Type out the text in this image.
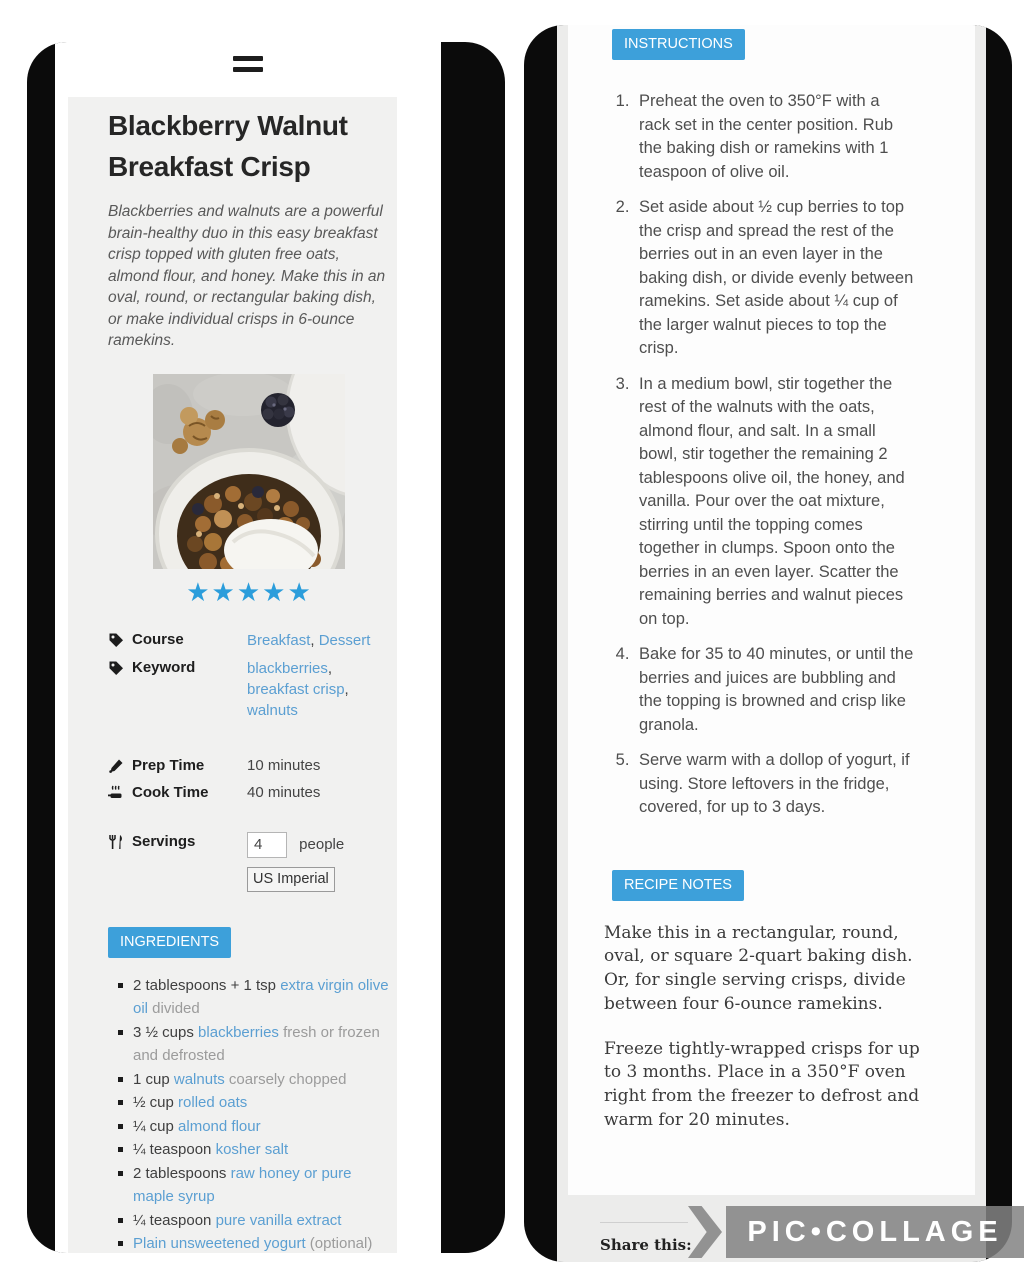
Blackberry Walnut Breakfast Crisp

Blackberries and walnuts are a powerful brain-healthy duo in this easy breakfast crisp topped with gluten free oats, almond flour, and honey. Make this in an oval, round, or rectangular baking dish, or make individual crisps in 6-ounce ramekins.

★★★★★
Course	Breakfast, Dessert
Keyword	blackberries, breakfast crisp, walnuts
Prep Time	10 minutes
Cook Time	40 minutes
Servings
4	people
US Imperial
INGREDIENTS
2 tablespoons + 1 tsp extra virgin olive oil divided
3 ½ cups blackberries fresh or frozen and defrosted
1 cup walnuts coarsely chopped
½ cup rolled oats
¼ cup almond flour
¼ teaspoon kosher salt
2 tablespoons raw honey or pure maple syrup
¼ teaspoon pure vanilla extract
Plain unsweetened yogurt (optional)
INSTRUCTIONS
1. Preheat the oven to 350°F with a rack set in the center position. Rub the baking dish or ramekins with 1 teaspoon of olive oil.
2. Set aside about ½ cup berries to top the crisp and spread the rest of the berries out in an even layer in the baking dish, or divide evenly between ramekins. Set aside about ¼ cup of the larger walnut pieces to top the crisp.
3. In a medium bowl, stir together the rest of the walnuts with the oats, almond flour, and salt. In a small bowl, stir together the remaining 2 tablespoons olive oil, the honey, and vanilla. Pour over the oat mixture, stirring until the topping comes together in clumps. Spoon onto the berries in an even layer. Scatter the remaining berries and walnut pieces on top.
4. Bake for 35 to 40 minutes, or until the berries and juices are bubbling and the topping is browned and crisp like granola.
5. Serve warm with a dollop of yogurt, if using. Store leftovers in the fridge, covered, for up to 3 days.
RECIPE NOTES

Make this in a rectangular, round, oval, or square 2-quart baking dish. Or, for single serving crisps, divide between four 6-ounce ramekins.

Freeze tightly-wrapped crisps for up to 3 months. Place in a 350°F oven right from the freezer to defrost and warm for 20 minutes.

Share this:	PIC•COLLAGE
